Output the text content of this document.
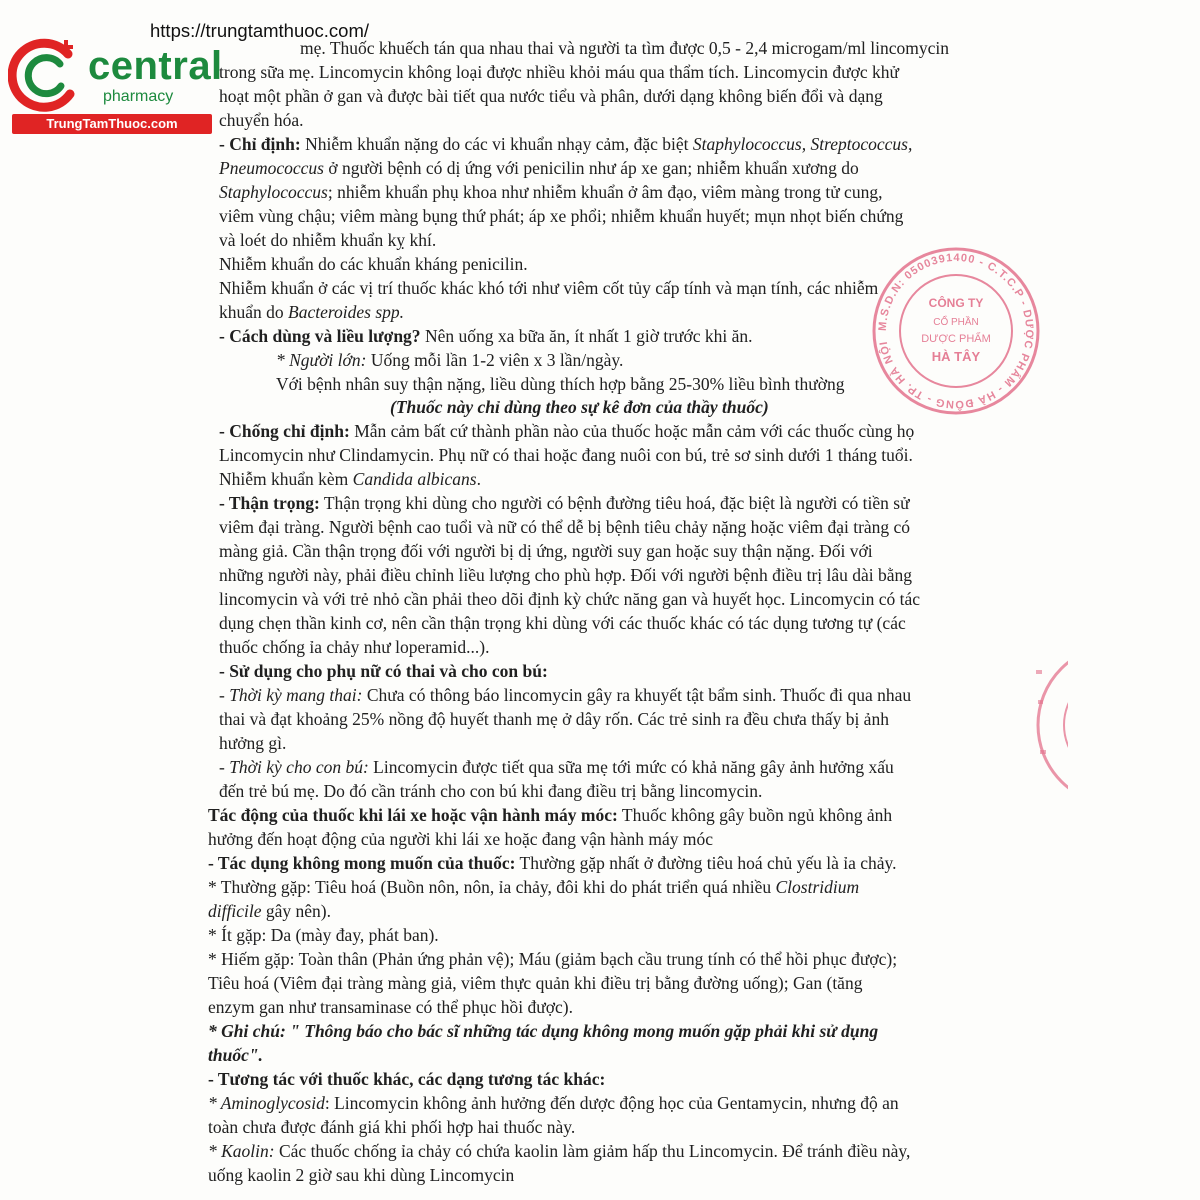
mẹ. Thuốc khuếch tán qua nhau thai và người ta tìm được 0,5 - 2,4 microgam/ml lincomycin
trong sữa mẹ. Lincomycin không loại được nhiều khỏi máu qua thẩm tích. Lincomycin được khử
hoạt một phần ở gan và được bài tiết qua nước tiểu và phân, dưới dạng không biến đổi và dạng
chuyển hóa.
- Chỉ định: Nhiễm khuẩn nặng do các vi khuẩn nhạy cảm, đặc biệt Staphylococcus, Streptococcus,
Pneumococcus ở người bệnh có dị ứng với penicilin như áp xe gan; nhiễm khuẩn xương do
Staphylococcus; nhiễm khuẩn phụ khoa như nhiễm khuẩn ở âm đạo, viêm màng trong tử cung,
viêm vùng chậu; viêm màng bụng thứ phát; áp xe phổi; nhiễm khuẩn huyết; mụn nhọt biến chứng
và loét do nhiễm khuẩn kỵ khí.
Nhiễm khuẩn do các khuẩn kháng penicilin.
Nhiễm khuẩn ở các vị trí thuốc khác khó tới như viêm cốt tủy cấp tính và mạn tính, các nhiễm
khuẩn do Bacteroides spp.
- Cách dùng và liều lượng? Nên uống xa bữa ăn, ít nhất 1 giờ trước khi ăn.
* Người lớn: Uống mỗi lần 1-2 viên x 3 lần/ngày.
Với bệnh nhân suy thận nặng, liều dùng thích hợp bằng 25-30% liều bình thường
(Thuốc này chỉ dùng theo sự kê đơn của thầy thuốc)
- Chống chỉ định: Mẫn cảm bất cứ thành phần nào của thuốc hoặc mẫn cảm với các thuốc cùng họ
Lincomycin như Clindamycin. Phụ nữ có thai hoặc đang nuôi con bú, trẻ sơ sinh dưới 1 tháng tuổi.
Nhiễm khuẩn kèm Candida albicans.
- Thận trọng: Thận trọng khi dùng cho người có bệnh đường tiêu hoá, đặc biệt là người có tiền sử
viêm đại tràng. Người bệnh cao tuổi và nữ có thể dễ bị bệnh tiêu chảy nặng hoặc viêm đại tràng có
màng giả. Cần thận trọng đối với người bị dị ứng, người suy gan hoặc suy thận nặng. Đối với
những người này, phải điều chỉnh liều lượng cho phù hợp. Đối với người bệnh điều trị lâu dài bằng
lincomycin và với trẻ nhỏ cần phải theo dõi định kỳ chức năng gan và huyết học. Lincomycin có tác
dụng chẹn thần kinh cơ, nên cần thận trọng khi dùng với các thuốc khác có tác dụng tương tự (các
thuốc chống ỉa chảy như loperamid...).
- Sử dụng cho phụ nữ có thai và cho con bú:
- Thời kỳ mang thai: Chưa có thông báo lincomycin gây ra khuyết tật bẩm sinh. Thuốc đi qua nhau
thai và đạt khoảng 25% nồng độ huyết thanh mẹ ở dây rốn. Các trẻ sinh ra đều chưa thấy bị ảnh
hưởng gì.
- Thời kỳ cho con bú: Lincomycin được tiết qua sữa mẹ tới mức có khả năng gây ảnh hưởng xấu
đến trẻ bú mẹ. Do đó cần tránh cho con bú khi đang điều trị bằng lincomycin.
Tác động của thuốc khi lái xe hoặc vận hành máy móc: Thuốc không gây buồn ngủ không ảnh
hưởng đến hoạt động của người khi lái xe hoặc đang vận hành máy móc
- Tác dụng không mong muốn của thuốc: Thường gặp nhất ở đường tiêu hoá chủ yếu là ỉa chảy.
* Thường gặp: Tiêu hoá (Buồn nôn, nôn, ỉa chảy, đôi khi do phát triển quá nhiều Clostridium
difficile gây nên).
* Ít gặp: Da (mày đay, phát ban).
* Hiếm gặp: Toàn thân (Phản ứng phản vệ); Máu (giảm bạch cầu trung tính có thể hồi phục được);
Tiêu hoá (Viêm đại tràng màng giả, viêm thực quản khi điều trị bằng đường uống); Gan (tăng
enzym gan như transaminase có thể phục hồi được).
* Ghi chú: " Thông báo cho bác sĩ những tác dụng không mong muốn gặp phải khi sử dụng
thuốc".
- Tương tác với thuốc khác, các dạng tương tác khác:
* Aminoglycosid: Lincomycin không ảnh hưởng đến dược động học của Gentamycin, nhưng độ an
toàn chưa được đánh giá khi phối hợp hai thuốc này.
* Kaolin: Các thuốc chống ỉa chảy có chứa kaolin làm giảm hấp thu Lincomycin. Để tránh điều này,
uống kaolin 2 giờ sau khi dùng Lincomycin
M.S.D.N: 0500391400 - C.T.C.P - DƯỢC PHẨM - HÀ ĐÔNG - TP. HÀ NỘI
CÔNG TY
CỔ PHẦN
DƯỢC PHẨM
HÀ TÂY
https://trungtamthuoc.com/
central
pharmacy
TrungTamThuoc.com
